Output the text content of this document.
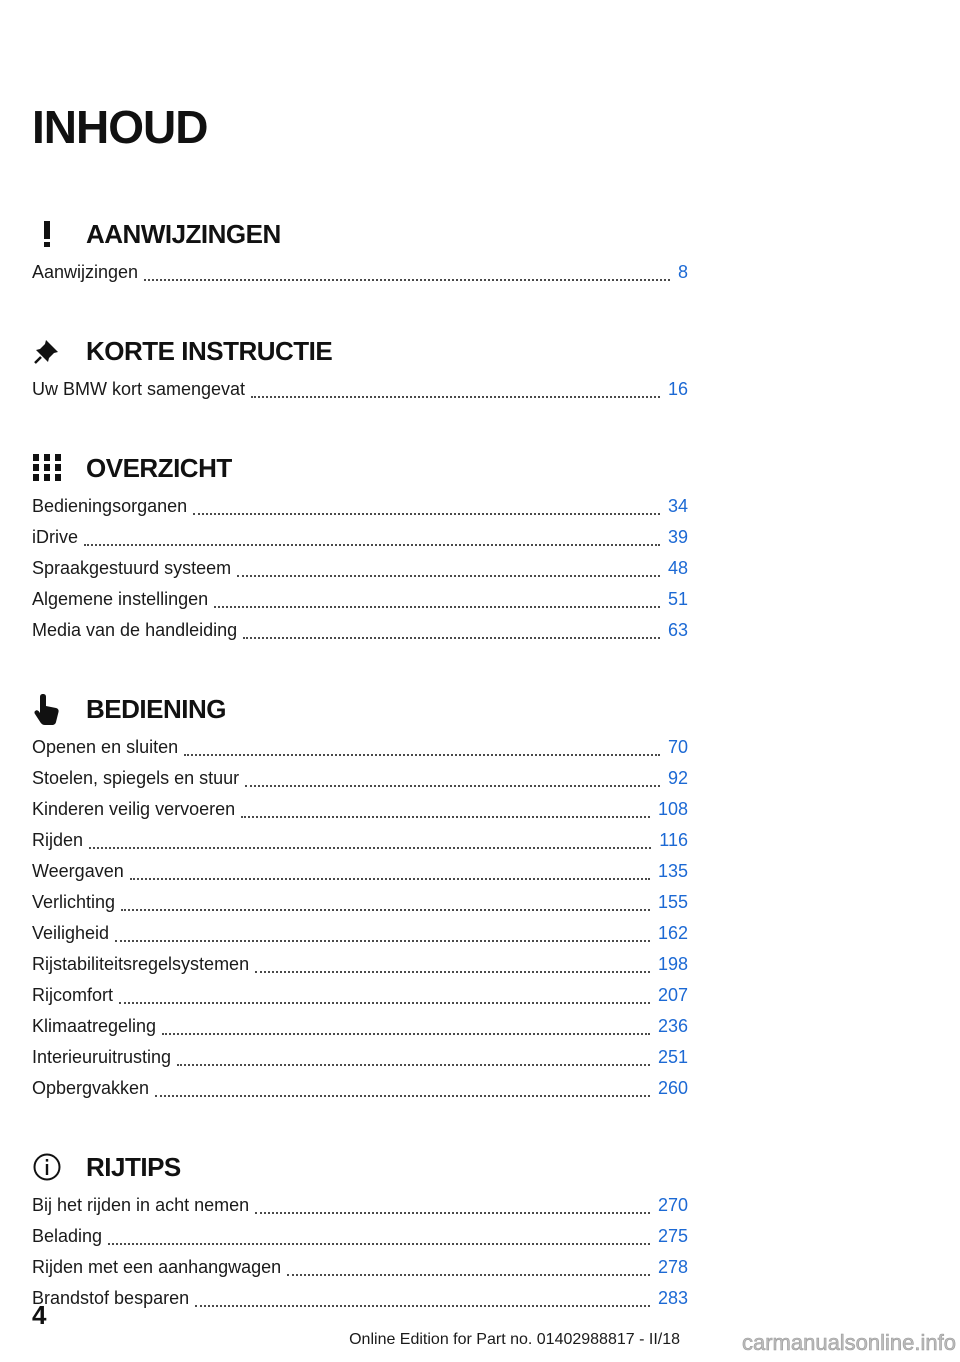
INHOUD
AANWIJZINGEN
Aanwijzingen	8
KORTE INSTRUCTIE
Uw BMW kort samengevat	16
OVERZICHT
Bedieningsorganen	34
iDrive	39
Spraakgestuurd systeem	48
Algemene instellingen	51
Media van de handleiding	63
BEDIENING
Openen en sluiten	70
Stoelen, spiegels en stuur	92
Kinderen veilig vervoeren	108
Rijden	116
Weergaven	135
Verlichting	155
Veiligheid	162
Rijstabiliteitsregelsystemen	198
Rijcomfort	207
Klimaatregeling	236
Interieuruitrusting	251
Opbergvakken	260
RIJTIPS
Bij het rijden in acht nemen	270
Belading	275
Rijden met een aanhangwagen	278
Brandstof besparen	283
4
Online Edition for Part no. 01402988817 - II/18	carmanualsonline.info
